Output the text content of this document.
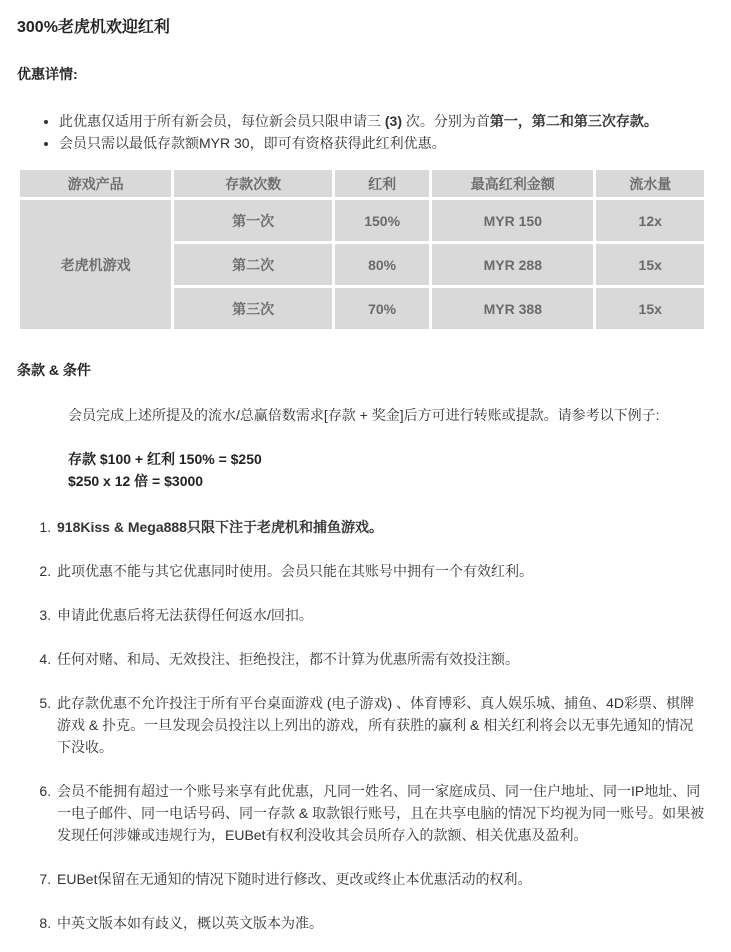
300%老虎机欢迎红利
优惠详情:
• 此优惠仅适用于所有新会员，每位新会员只限申请三 (3) 次。分别为首第一，第二和第三次存款。
• 会员只需以最低存款额MYR 30，即可有资格获得此红利优惠。
游戏产品	存款次数	红利	最高红利金额	流水量
老虎机游戏	第一次	150%	MYR 150	12x
	第二次	80%	MYR 288	15x
	第三次	70%	MYR 388	15x
条款 & 条件

会员完成上述所提及的流水/总赢倍数需求[存款 + 奖金]后方可进行转账或提款。请参考以下例子:

存款 $100 + 红利 150% = $250
$250 x 12 倍 = $3000
1. 918Kiss & Mega888只限下注于老虎机和捕鱼游戏。
2. 此项优惠不能与其它优惠同时使用。会员只能在其账号中拥有一个有效红利。
3. 申请此优惠后将无法获得任何返水/回扣。
4. 任何对赌、和局、无效投注、拒绝投注，都不计算为优惠所需有效投注额。
5. 此存款优惠不允许投注于所有平台桌面游戏 (电子游戏) 、体育博彩、真人娱乐城、捕鱼、4D彩票、棋牌游戏 & 扑克。一旦发现会员投注以上列出的游戏，所有获胜的赢利 & 相关红利将会以无事先通知的情况下没收。
6. 会员不能拥有超过一个账号来享有此优惠，凡同一姓名、同一家庭成员、同一住户地址、同一IP地址、同一电子邮件、同一电话号码、同一存款 & 取款银行账号，且在共享电脑的情况下均视为同一账号。如果被发现任何涉嫌或违规行为，EUBet有权利没收其会员所存入的款额、相关优惠及盈利。
7. EUBet保留在无通知的情况下随时进行修改、更改或终止本优惠活动的权利。
8. 中英文版本如有歧义，概以英文版本为准。
